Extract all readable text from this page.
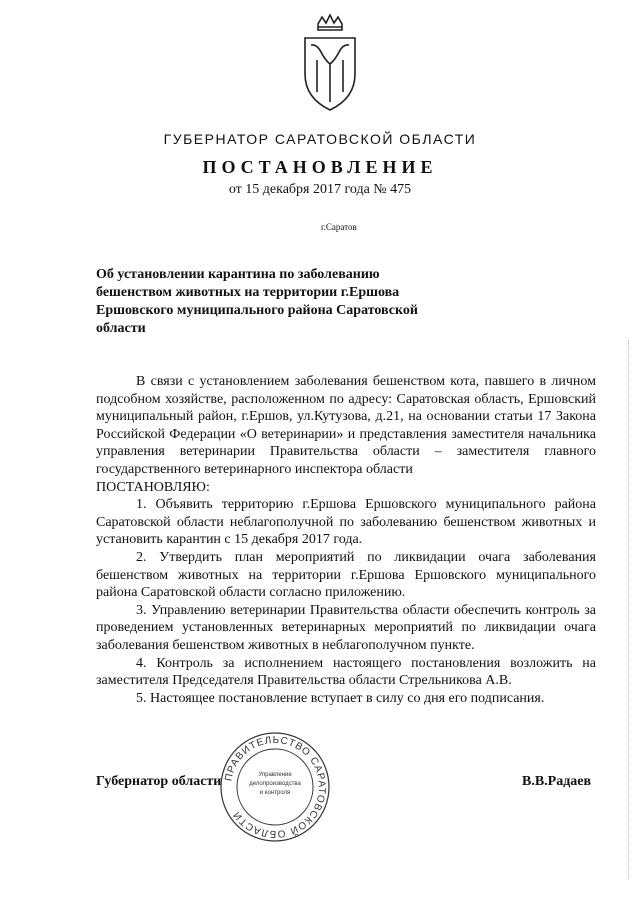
ГУБЕРНАТОР САРАТОВСКОЙ ОБЛАСТИ
ПОСТАНОВЛЕНИЕ
от 15 декабря 2017 года № 475
г.Саратов
Об установлении карантина по заболеванию бешенством животных на территории г.Ершова Ершовского муниципального района Саратовской области

В связи с установлением заболевания бешенством кота, павшего в личном подсобном хозяйстве, расположенном по адресу: Саратовская область, Ершовский муниципальный район, г.Ершов, ул.Кутузова, д.21, на основании статьи 17 Закона Российской Федерации «О ветеринарии» и представления заместителя начальника управления ветеринарии Правительства области – заместителя главного государственного ветеринарного инспектора области

ПОСТАНОВЛЯЮ:

1. Объявить территорию г.Ершова Ершовского муниципального района Саратовской области неблагополучной по заболеванию бешенством животных и установить карантин с 15 декабря 2017 года.

2. Утвердить план мероприятий по ликвидации очага заболевания бешенством животных на территории г.Ершова Ершовского муниципального района Саратовской области согласно приложению.

3. Управлению ветеринарии Правительства области обеспечить контроль за проведением установленных ветеринарных мероприятий по ликвидации очага заболевания бешенством животных в неблагополучном пункте.

4. Контроль за исполнением настоящего постановления возложить на заместителя Председателя Правительства области Стрельникова А.В.

5. Настоящее постановление вступает в силу со дня его подписания.

ПРАВИТЕЛЬСТВО САРАТОВСКОЙ ОБЛАСТИ
Управление
делопроизводства
и контроля
Губернатор области	В.В.Радаев
